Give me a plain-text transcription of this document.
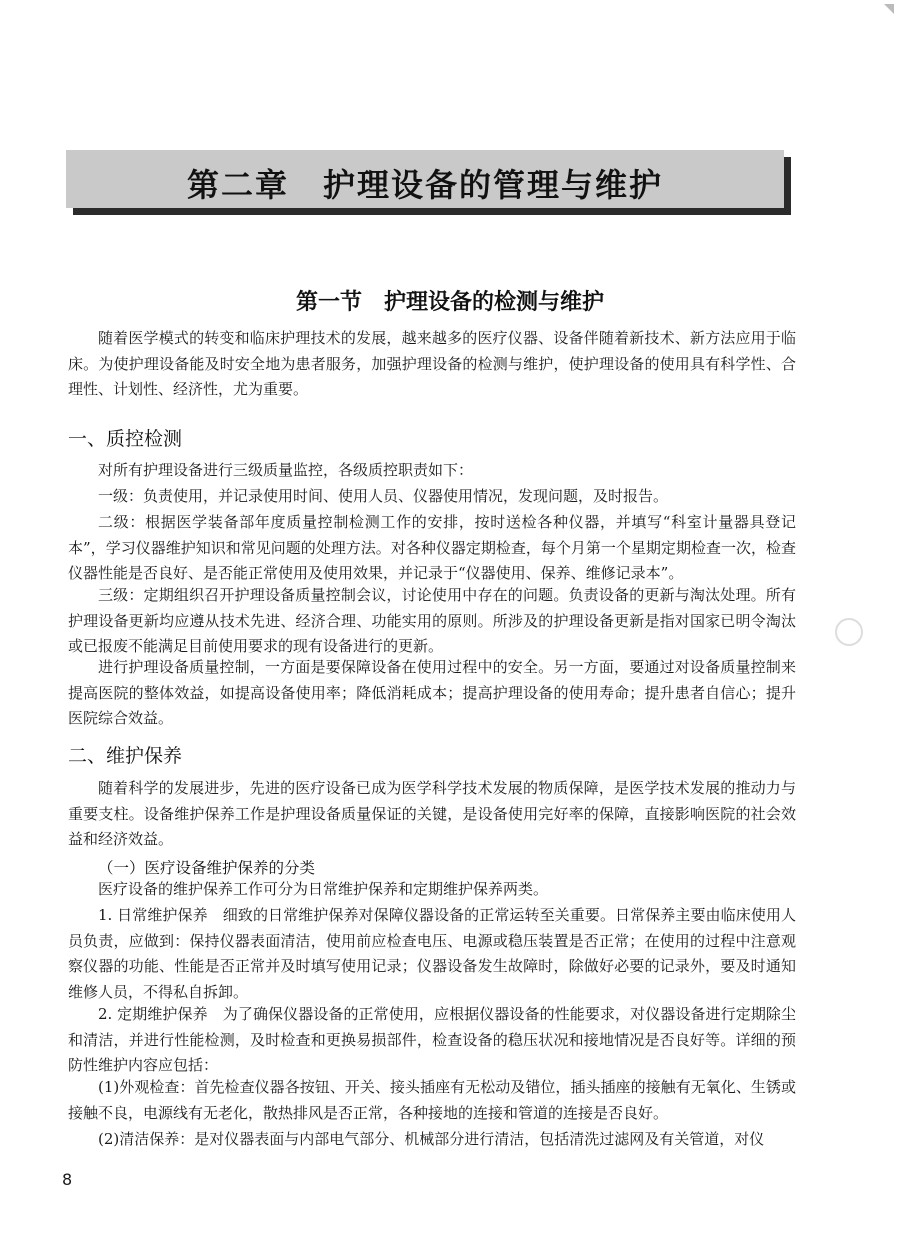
第二章　护理设备的管理与维护
第一节　护理设备的检测与维护

随着医学模式的转变和临床护理技术的发展，越来越多的医疗仪器、设备伴随着新技术、新方法应用于临床。为使护理设备能及时安全地为患者服务，加强护理设备的检测与维护，使护理设备的使用具有科学性、合理性、计划性、经济性，尤为重要。

一、质控检测

对所有护理设备进行三级质量监控，各级质控职责如下：

一级：负责使用，并记录使用时间、使用人员、仪器使用情况，发现问题，及时报告。

二级：根据医学装备部年度质量控制检测工作的安排，按时送检各种仪器，并填写“科室计量器具登记本”，学习仪器维护知识和常见问题的处理方法。对各种仪器定期检查，每个月第一个星期定期检查一次，检查仪器性能是否良好、是否能正常使用及使用效果，并记录于“仪器使用、保养、维修记录本”。

三级：定期组织召开护理设备质量控制会议，讨论使用中存在的问题。负责设备的更新与淘汰处理。所有护理设备更新均应遵从技术先进、经济合理、功能实用的原则。所涉及的护理设备更新是指对国家已明令淘汰或已报废不能满足目前使用要求的现有设备进行的更新。

进行护理设备质量控制，一方面是要保障设备在使用过程中的安全。另一方面，要通过对设备质量控制来提高医院的整体效益，如提高设备使用率；降低消耗成本；提高护理设备的使用寿命；提升患者自信心；提升医院综合效益。

二、维护保养

随着科学的发展进步，先进的医疗设备已成为医学科学技术发展的物质保障，是医学技术发展的推动力与重要支柱。设备维护保养工作是护理设备质量保证的关键，是设备使用完好率的保障，直接影响医院的社会效益和经济效益。

（一）医疗设备维护保养的分类

医疗设备的维护保养工作可分为日常维护保养和定期维护保养两类。

1. 日常维护保养　细致的日常维护保养对保障仪器设备的正常运转至关重要。日常保养主要由临床使用人员负责，应做到：保持仪器表面清洁，使用前应检查电压、电源或稳压装置是否正常；在使用的过程中注意观察仪器的功能、性能是否正常并及时填写使用记录；仪器设备发生故障时，除做好必要的记录外，要及时通知维修人员，不得私自拆卸。

2. 定期维护保养　为了确保仪器设备的正常使用，应根据仪器设备的性能要求，对仪器设备进行定期除尘和清洁，并进行性能检测，及时检查和更换易损部件，检查设备的稳压状况和接地情况是否良好等。详细的预防性维护内容应包括：

(1)外观检查：首先检查仪器各按钮、开关、接头插座有无松动及错位，插头插座的接触有无氧化、生锈或接触不良，电源线有无老化，散热排风是否正常，各种接地的连接和管道的连接是否良好。

(2)清洁保养：是对仪器表面与内部电气部分、机械部分进行清洁，包括清洗过滤网及有关管道，对仪

8
